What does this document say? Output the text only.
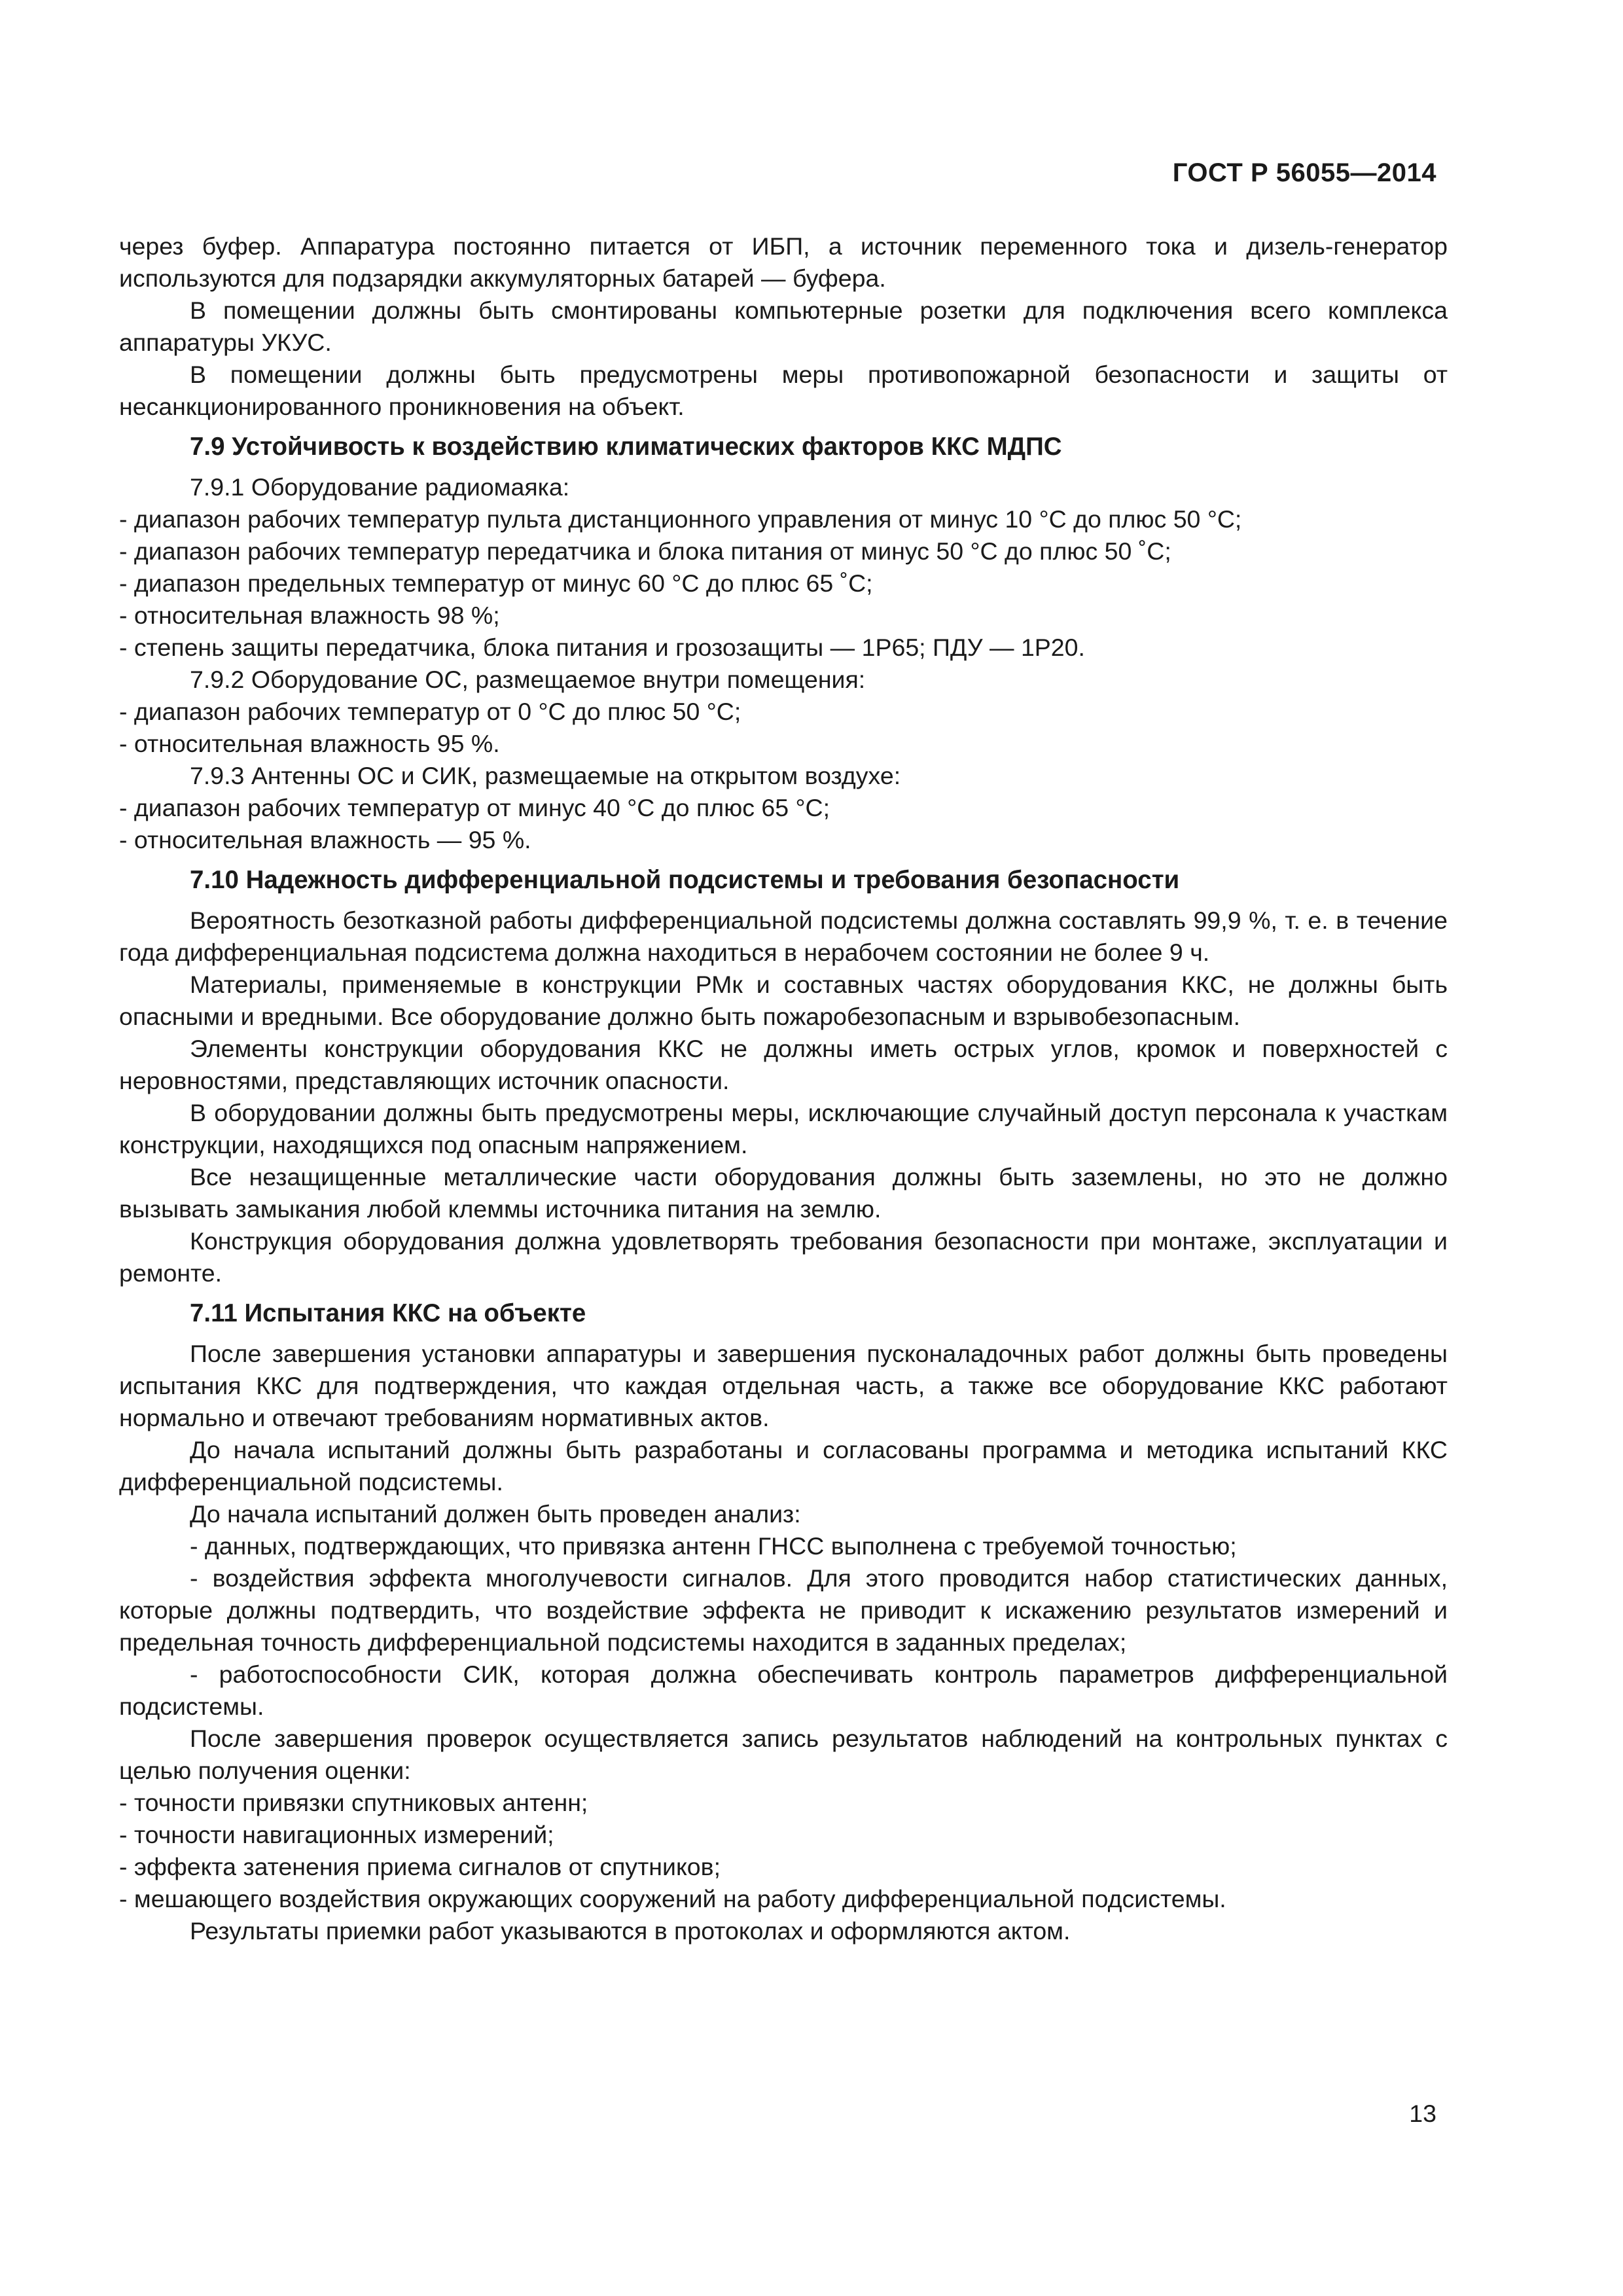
ГОСТ Р 56055—2014

через буфер. Аппаратура постоянно питается от ИБП, а источник переменного тока и дизель-генератор используются для подзарядки аккумуляторных батарей — буфера.

В помещении должны быть смонтированы компьютерные розетки для подключения всего комплекса аппаратуры УКУС.

В помещении должны быть предусмотрены меры противопожарной безопасности и защиты от несанкционированного проникновения на объект.

7.9 Устойчивость к воздействию климатических факторов ККС МДПС

7.9.1 Оборудование радиомаяка:

- диапазон рабочих температур пульта дистанционного управления от минус 10 °С до плюс 50 °С;

- диапазон рабочих температур передатчика и блока питания от минус 50 °С до плюс 50 ˚С;

- диапазон предельных температур от минус 60 °С до плюс 65 ˚С;

- относительная влажность 98 %;

- степень защиты передатчика, блока питания и грозозащиты — 1Р65; ПДУ — 1Р20.

7.9.2 Оборудование ОС, размещаемое внутри помещения:

- диапазон рабочих температур от 0 °С до плюс 50 °С;

- относительная влажность 95 %.

7.9.3 Антенны ОС и СИК, размещаемые на открытом воздухе:

- диапазон рабочих температур от минус 40 °С до плюс 65 °С;

- относительная влажность — 95 %.

7.10 Надежность дифференциальной подсистемы и требования безопасности

Вероятность безотказной работы дифференциальной подсистемы должна составлять 99,9 %, т. е. в течение года дифференциальная подсистема должна находиться в нерабочем состоянии не более 9 ч.

Материалы, применяемые в конструкции РМк и составных частях оборудования ККС, не должны быть опасными и вредными. Все оборудование должно быть пожаробезопасным и взрывобезопасным.

Элементы конструкции оборудования ККС не должны иметь острых углов, кромок и поверхностей с неровностями, представляющих источник опасности.

В оборудовании должны быть предусмотрены меры, исключающие случайный доступ персонала к участкам конструкции, находящихся под опасным напряжением.

Все незащищенные металлические части оборудования должны быть заземлены, но это не должно вызывать замыкания любой клеммы источника питания на землю.

Конструкция оборудования должна удовлетворять требования безопасности при монтаже, эксплуатации и ремонте.

7.11 Испытания ККС на объекте

После завершения установки аппаратуры и завершения пусконаладочных работ должны быть проведены испытания ККС для подтверждения, что каждая отдельная часть, а также все оборудование ККС работают нормально и отвечают требованиям нормативных актов.

До начала испытаний должны быть разработаны и согласованы программа и методика испытаний ККС дифференциальной подсистемы.

До начала испытаний должен быть проведен анализ:

- данных, подтверждающих, что привязка антенн ГНСС выполнена с требуемой точностью;

- воздействия эффекта многолучевости сигналов. Для этого проводится набор статистических данных, которые должны подтвердить, что воздействие эффекта не приводит к искажению результатов измерений и предельная точность дифференциальной подсистемы находится в заданных пределах;

- работоспособности СИК, которая должна обеспечивать контроль параметров дифференциальной подсистемы.

После завершения проверок осуществляется запись результатов наблюдений на контрольных пунктах с целью получения оценки:

- точности привязки спутниковых антенн;

- точности навигационных измерений;

- эффекта затенения приема сигналов от спутников;

- мешающего воздействия окружающих сооружений на работу дифференциальной подсистемы.

Результаты приемки работ указываются в протоколах и оформляются актом.

13
